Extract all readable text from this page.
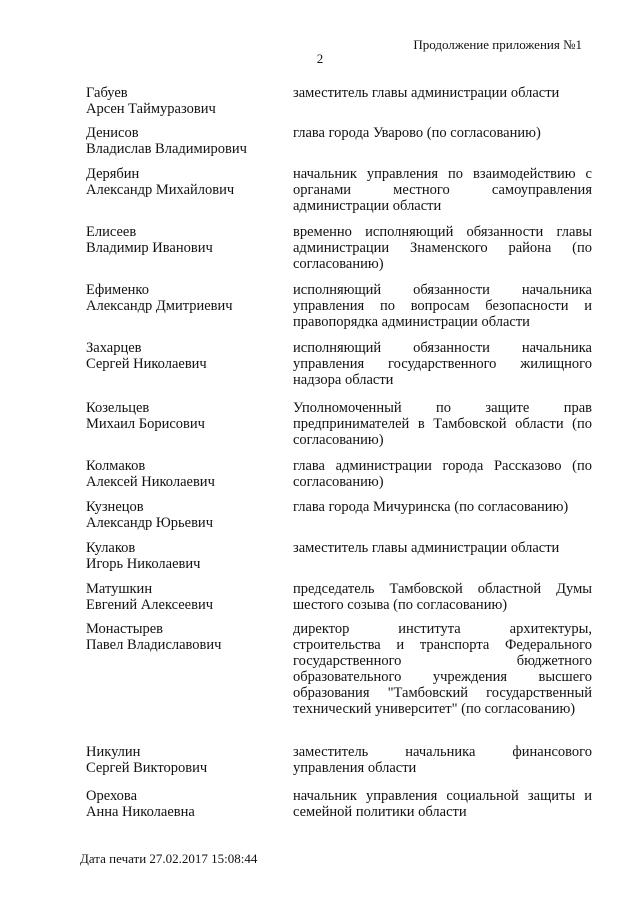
Продолжение приложения №1
2
Габуев
Арсен Таймуразович
заместитель главы администрации области
Денисов
Владислав Владимирович
глава города Уварово (по согласованию)
Дерябин
Александр Михайлович
начальник управления по взаимодействию с органами местного самоуправления администрации области
Елисеев
Владимир Иванович
временно исполняющий обязанности главы администрации Знаменского района (по согласованию)
Ефименко
Александр Дмитриевич
исполняющий обязанности начальника управления по вопросам безопасности и правопорядка администрации области
Захарцев
Сергей Николаевич
исполняющий обязанности начальника управления государственного жилищного надзора области
Козельцев
Михаил Борисович
Уполномоченный по защите прав предпринимателей в Тамбовской области (по согласованию)
Колмаков
Алексей Николаевич
глава администрации города Рассказово (по согласованию)
Кузнецов
Александр Юрьевич
глава города Мичуринска (по согласованию)
Кулаков
Игорь Николаевич
заместитель главы администрации области
Матушкин
Евгений Алексеевич
председатель Тамбовской областной Думы шестого созыва (по согласованию)
Монастырев
Павел Владиславович
директор института архитектуры, строительства и транспорта Федерального государственного бюджетного образовательного учреждения высшего образования "Тамбовский государственный технический университет" (по согласованию)
Никулин
Сергей Викторович
заместитель начальника финансового управления области
Орехова
Анна Николаевна
начальник управления социальной защиты и семейной политики области
Дата печати 27.02.2017 15:08:44
